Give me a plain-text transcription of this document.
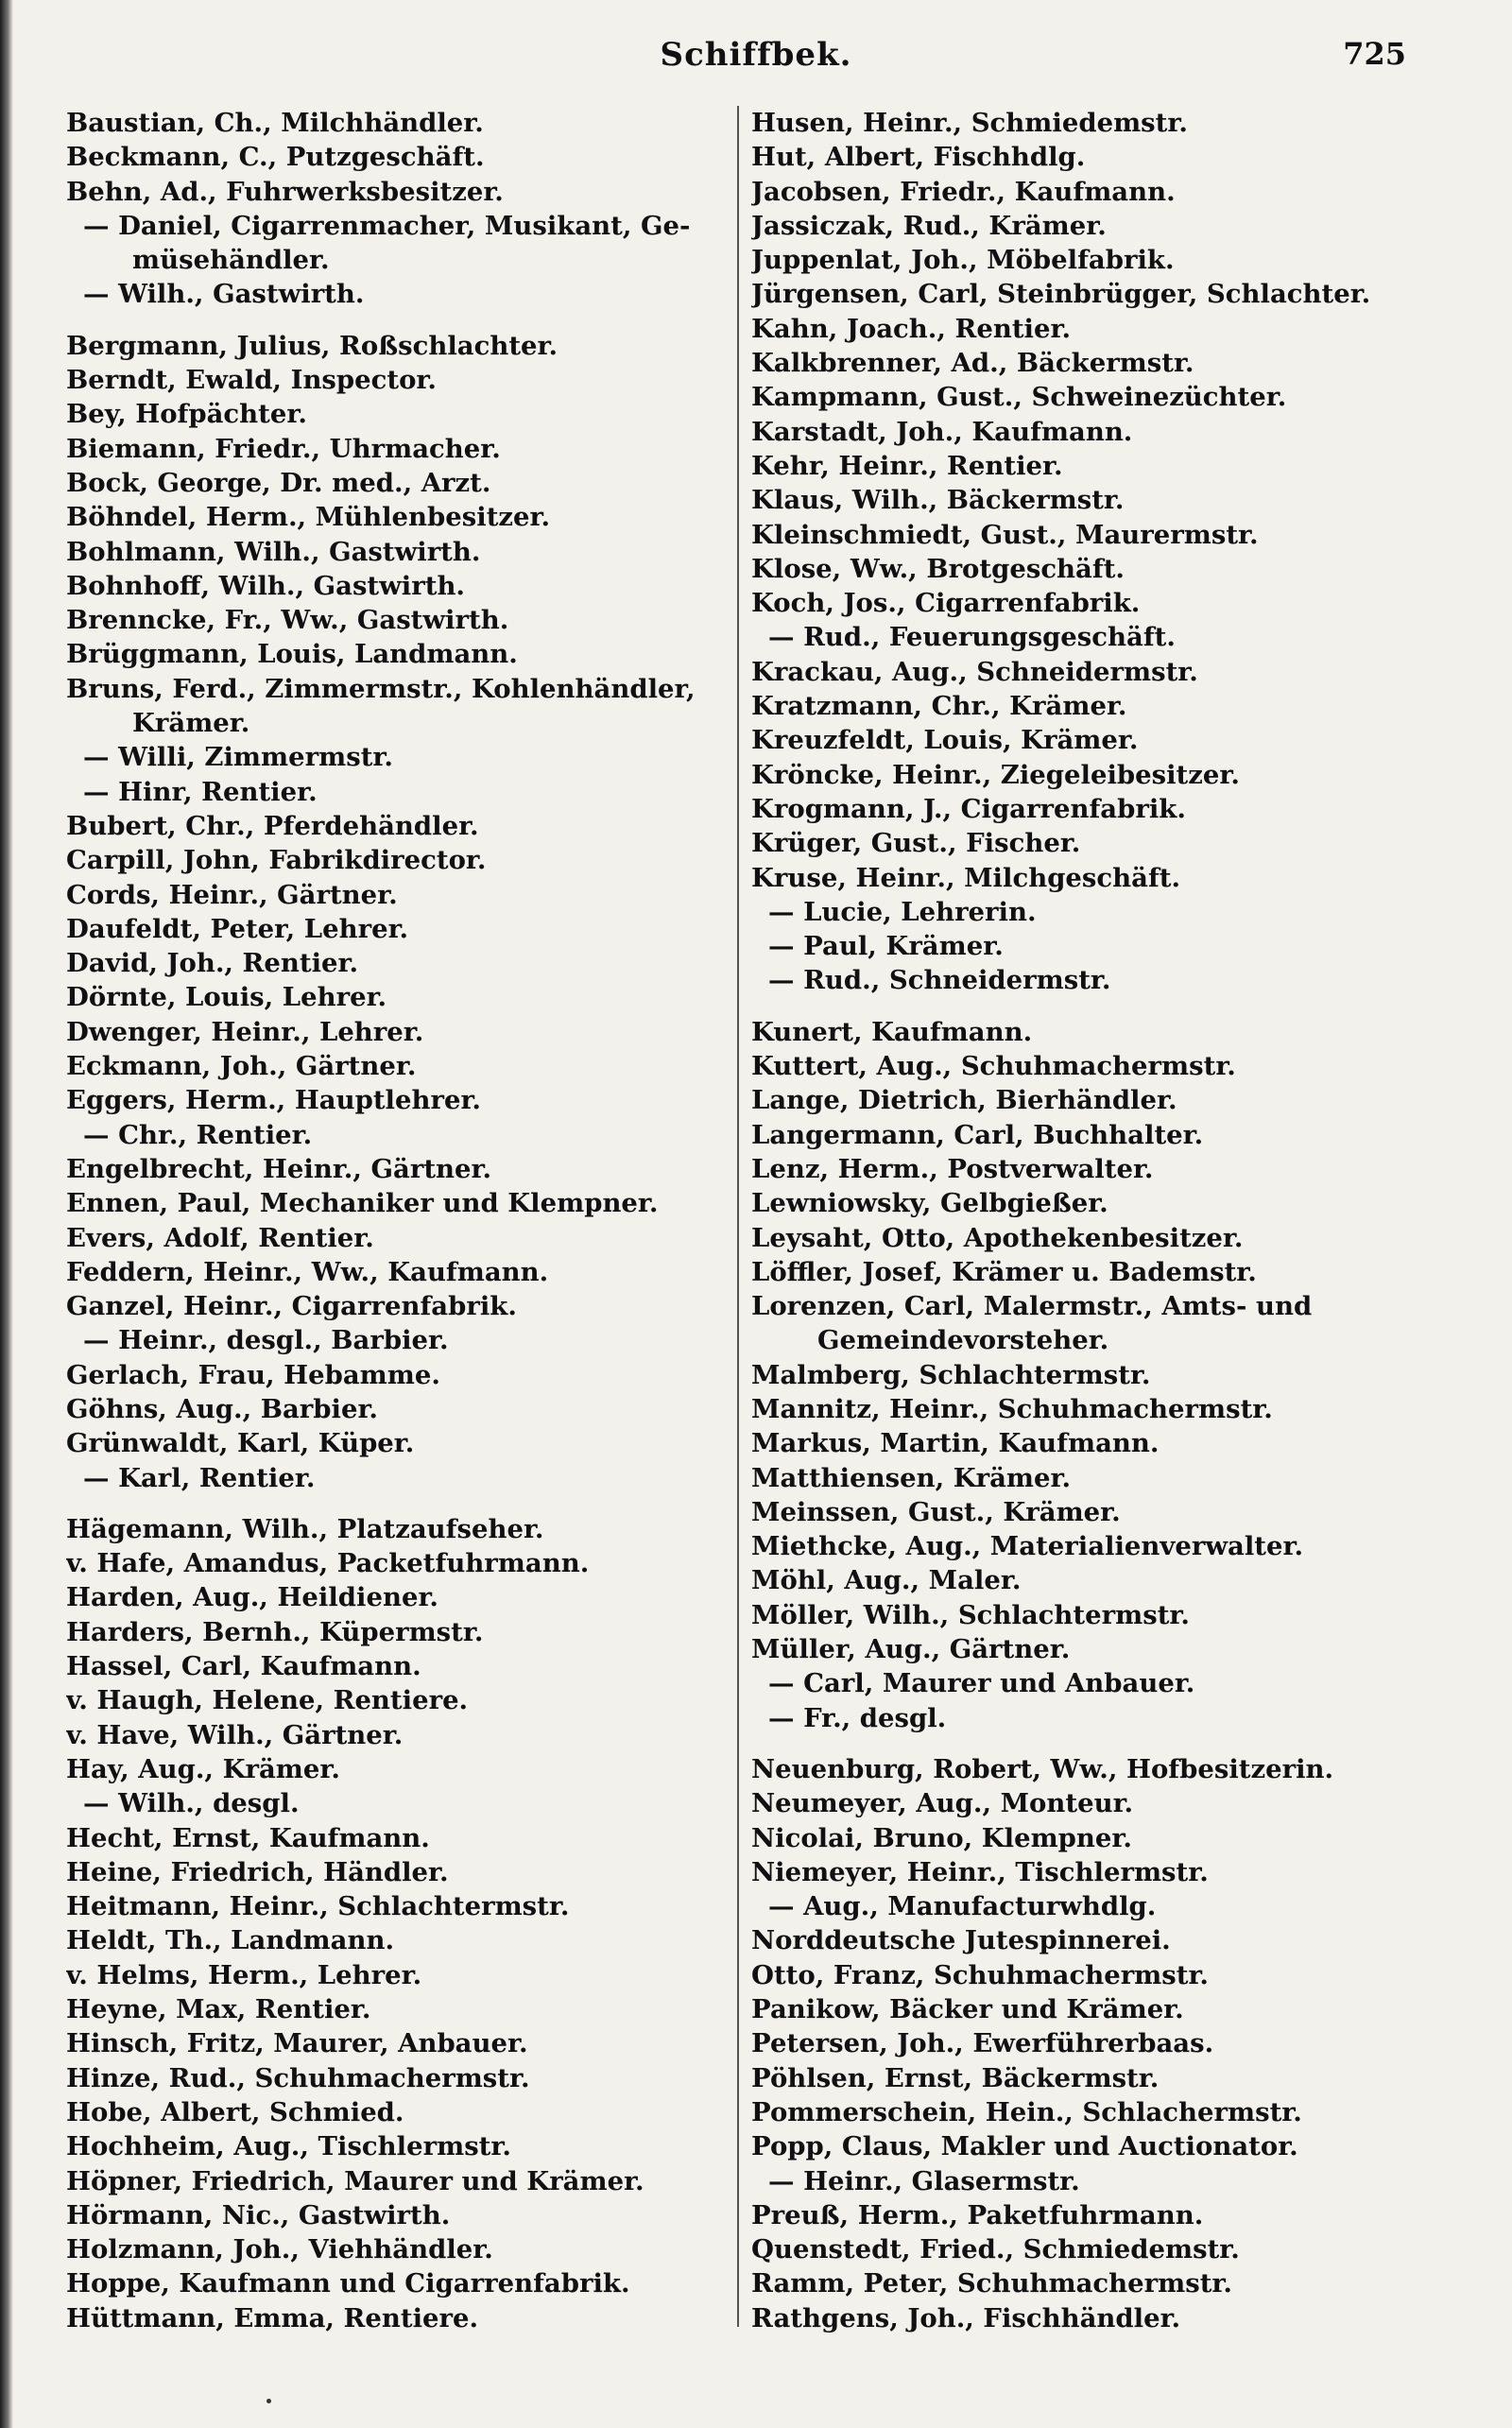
Schiffbek.	725
Baustian, Ch., Milchhändler.
Beckmann, C., Putzgeschäft.
Behn, Ad., Fuhrwerksbesitzer.
— Daniel, Cigarrenmacher, Musikant, Ge-
müsehändler.
— Wilh., Gastwirth.
Bergmann, Julius, Roßschlachter.
Berndt, Ewald, Inspector.
Bey, Hofpächter.
Biemann, Friedr., Uhrmacher.
Bock, George, Dr. med., Arzt.
Böhndel, Herm., Mühlenbesitzer.
Bohlmann, Wilh., Gastwirth.
Bohnhoff, Wilh., Gastwirth.
Brenncke, Fr., Ww., Gastwirth.
Brüggmann, Louis, Landmann.
Bruns, Ferd., Zimmermstr., Kohlenhändler,
Krämer.
— Willi, Zimmermstr.
— Hinr, Rentier.
Bubert, Chr., Pferdehändler.
Carpill, John, Fabrikdirector.
Cords, Heinr., Gärtner.
Daufeldt, Peter, Lehrer.
David, Joh., Rentier.
Dörnte, Louis, Lehrer.
Dwenger, Heinr., Lehrer.
Eckmann, Joh., Gärtner.
Eggers, Herm., Hauptlehrer.
— Chr., Rentier.
Engelbrecht, Heinr., Gärtner.
Ennen, Paul, Mechaniker und Klempner.
Evers, Adolf, Rentier.
Feddern, Heinr., Ww., Kaufmann.
Ganzel, Heinr., Cigarrenfabrik.
— Heinr., desgl., Barbier.
Gerlach, Frau, Hebamme.
Göhns, Aug., Barbier.
Grünwaldt, Karl, Küper.
— Karl, Rentier.
Hägemann, Wilh., Platzaufseher.
v. Hafe, Amandus, Packetfuhrmann.
Harden, Aug., Heildiener.
Harders, Bernh., Küpermstr.
Hassel, Carl, Kaufmann.
v. Haugh, Helene, Rentiere.
v. Have, Wilh., Gärtner.
Hay, Aug., Krämer.
— Wilh., desgl.
Hecht, Ernst, Kaufmann.
Heine, Friedrich, Händler.
Heitmann, Heinr., Schlachtermstr.
Heldt, Th., Landmann.
v. Helms, Herm., Lehrer.
Heyne, Max, Rentier.
Hinsch, Fritz, Maurer, Anbauer.
Hinze, Rud., Schuhmachermstr.
Hobe, Albert, Schmied.
Hochheim, Aug., Tischlermstr.
Höpner, Friedrich, Maurer und Krämer.
Hörmann, Nic., Gastwirth.
Holzmann, Joh., Viehhändler.
Hoppe, Kaufmann und Cigarrenfabrik.
Hüttmann, Emma, Rentiere.
Husen, Heinr., Schmiedemstr.
Hut, Albert, Fischhdlg.
Jacobsen, Friedr., Kaufmann.
Jassiczak, Rud., Krämer.
Juppenlat, Joh., Möbelfabrik.
Jürgensen, Carl, Steinbrügger, Schlachter.
Kahn, Joach., Rentier.
Kalkbrenner, Ad., Bäckermstr.
Kampmann, Gust., Schweinezüchter.
Karstadt, Joh., Kaufmann.
Kehr, Heinr., Rentier.
Klaus, Wilh., Bäckermstr.
Kleinschmiedt, Gust., Maurermstr.
Klose, Ww., Brotgeschäft.
Koch, Jos., Cigarrenfabrik.
— Rud., Feuerungsgeschäft.
Krackau, Aug., Schneidermstr.
Kratzmann, Chr., Krämer.
Kreuzfeldt, Louis, Krämer.
Kröncke, Heinr., Ziegeleibesitzer.
Krogmann, J., Cigarrenfabrik.
Krüger, Gust., Fischer.
Kruse, Heinr., Milchgeschäft.
— Lucie, Lehrerin.
— Paul, Krämer.
— Rud., Schneidermstr.
Kunert, Kaufmann.
Kuttert, Aug., Schuhmachermstr.
Lange, Dietrich, Bierhändler.
Langermann, Carl, Buchhalter.
Lenz, Herm., Postverwalter.
Lewniowsky, Gelbgießer.
Leysaht, Otto, Apothekenbesitzer.
Löffler, Josef, Krämer u. Bademstr.
Lorenzen, Carl, Malermstr., Amts- und
Gemeindevorsteher.
Malmberg, Schlachtermstr.
Mannitz, Heinr., Schuhmachermstr.
Markus, Martin, Kaufmann.
Matthiensen, Krämer.
Meinssen, Gust., Krämer.
Miethcke, Aug., Materialienverwalter.
Möhl, Aug., Maler.
Möller, Wilh., Schlachtermstr.
Müller, Aug., Gärtner.
— Carl, Maurer und Anbauer.
— Fr., desgl.
Neuenburg, Robert, Ww., Hofbesitzerin.
Neumeyer, Aug., Monteur.
Nicolai, Bruno, Klempner.
Niemeyer, Heinr., Tischlermstr.
— Aug., Manufacturwhdlg.
Norddeutsche Jutespinnerei.
Otto, Franz, Schuhmachermstr.
Panikow, Bäcker und Krämer.
Petersen, Joh., Ewerführerbaas.
Pöhlsen, Ernst, Bäckermstr.
Pommerschein, Hein., Schlachermstr.
Popp, Claus, Makler und Auctionator.
— Heinr., Glasermstr.
Preuß, Herm., Paketfuhrmann.
Quenstedt, Fried., Schmiedemstr.
Ramm, Peter, Schuhmachermstr.
Rathgens, Joh., Fischhändler.
